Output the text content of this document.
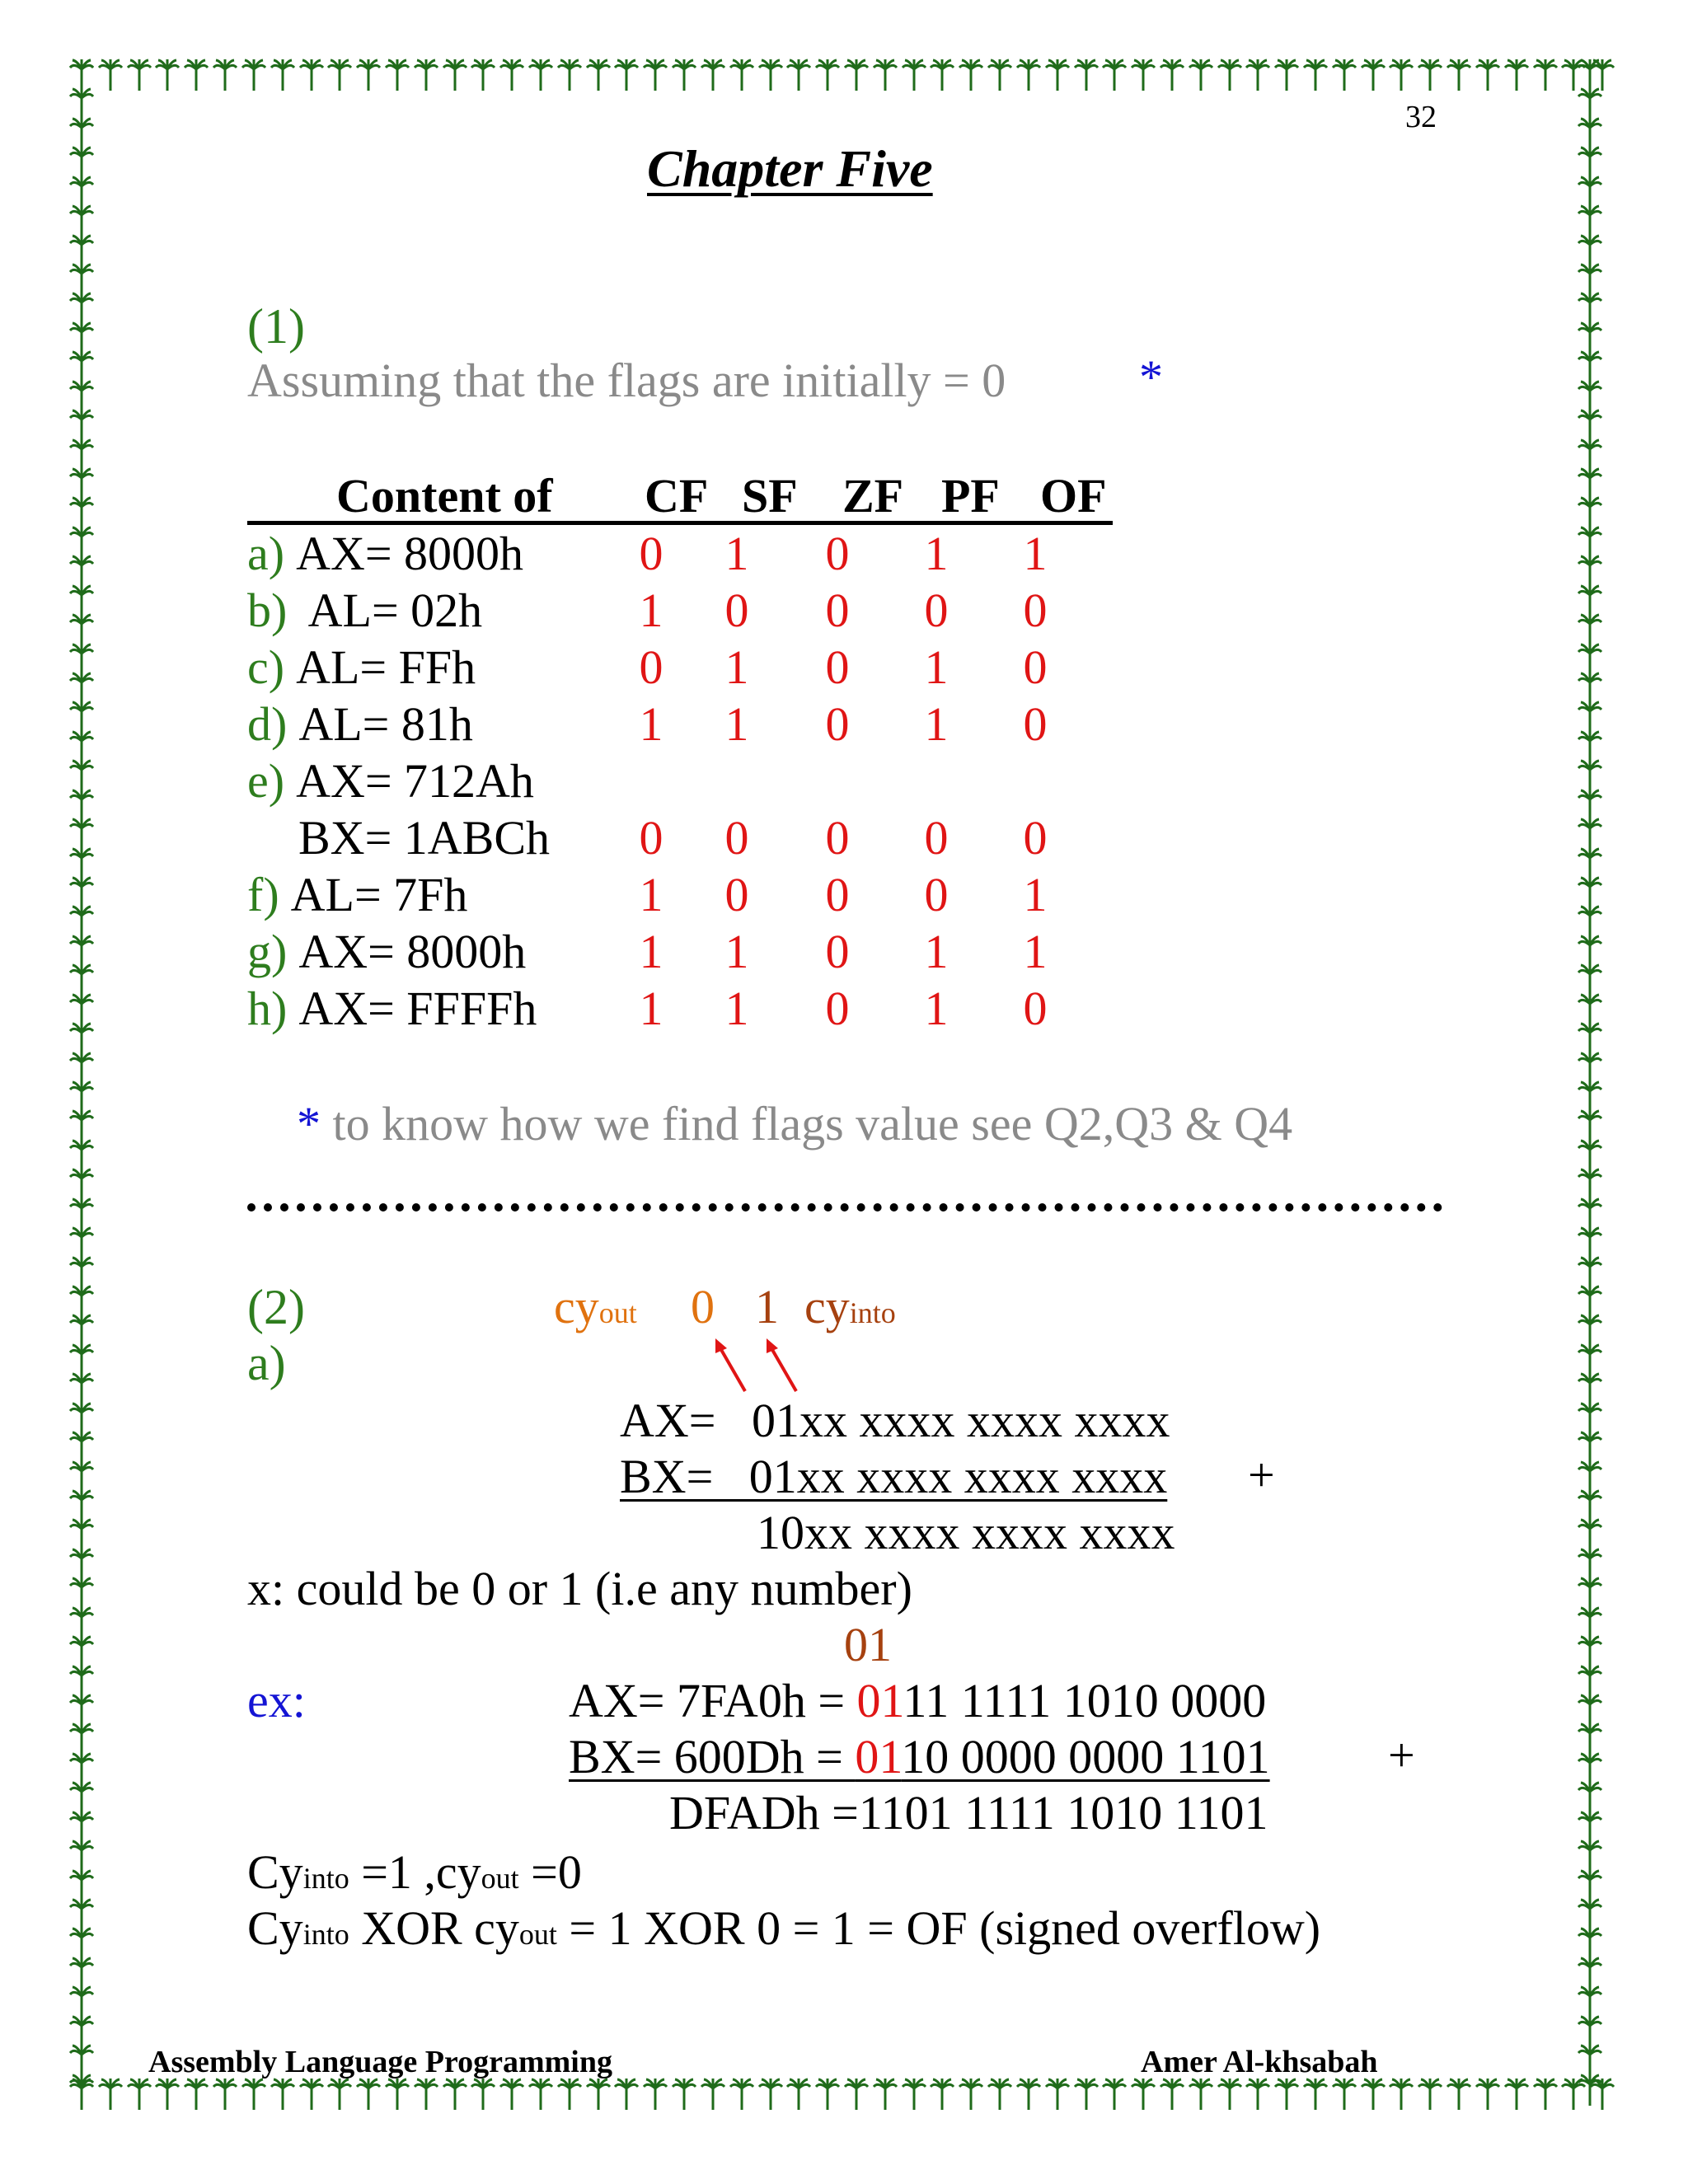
32
Chapter Five
(1)
Assuming that the flags are initially = 0	*
Content of CF SF ZF PF OF
a) AX= 8000h 0 1 0 1 1
b) AL= 02h	1 0 0 0 0
c) AL= FFh	0 1 0 1 0
d) AL= 81h	1 1 0 1 0
e) AX= 712Ah
BX= 1ABCh 0 0 0 0 0
f) AL= 7Fh	1 0 0 0 1
g) AX= 8000h 1 1 0 1 1
h) AX= FFFFh 1 1 0 1 0
* to know how we find flags value see Q2,Q3 & Q4
(2)
a)
cyout 0 1 cyinto
AX=   01xx xxxx xxxx xxxx
BX=   01xx xxxx xxxx xxxx +
10xx xxxx xxxx xxxx
x: could be 0 or 1 (i.e any number)
01
ex:	AX= 7FA0h = 0111 1111 1010 0000
BX= 600Dh = 0110 0000 0000 1101 +
DFADh =1101 1111 1010 1101
Cyinto =1 ,cyout =0
Cyinto XOR cyout = 1 XOR 0 = 1 = OF (signed overflow)
Assembly Language Programming	Amer Al-khsabah
